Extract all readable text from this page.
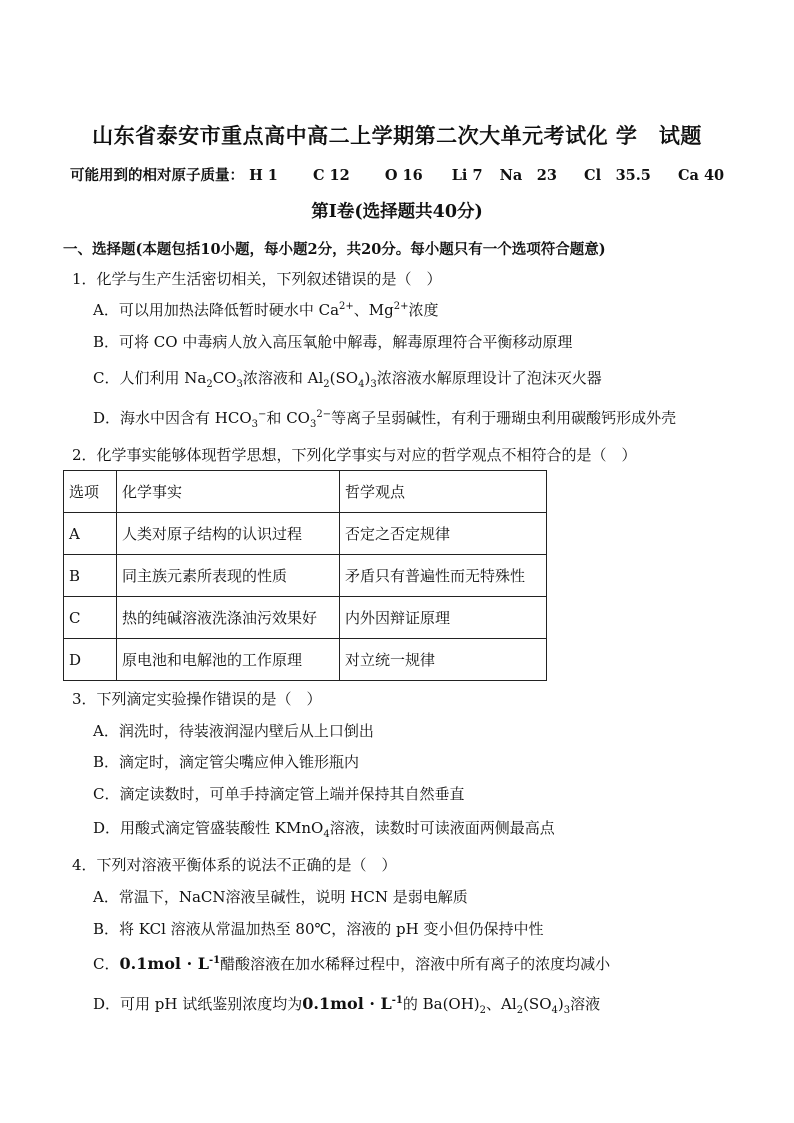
山东省泰安市重点高中高二上学期第二次大单元考试化 学　试题
可能用到的相对原子质量： H 1 C 12 O 16 Li 7 Na　23 Cl　35.5 Ca 40
第Ⅰ卷(选择题共40分)
一、选择题(本题包括10小题，每小题2分，共20分。每小题只有一个选项符合题意)
1．化学与生产生活密切相关，下列叙述错误的是（　）
A．可以用加热法降低暂时硬水中 $Ca^{2+}$、$Mg^{2+}$浓度
B．可将 CO 中毒病人放入高压氧舱中解毒，解毒原理符合平衡移动原理
C．人们利用 $Na_2CO_3$浓溶液和 $Al_2(SO_4)_3$浓溶液水解原理设计了泡沫灭火器
D．海水中因含有 $HCO_3^-$和 $CO_3^{2-}$等离子呈弱碱性，有利于珊瑚虫利用碳酸钙形成外壳
2．化学事实能够体现哲学思想，下列化学事实与对应的哲学观点不相符合的是（　）
选项	化学事实	哲学观点
A	人类对原子结构的认识过程	否定之否定规律
B	同主族元素所表现的性质	矛盾只有普遍性而无特殊性
C	热的纯碱溶液洗涤油污效果好	内外因辩证原理
D	原电池和电解池的工作原理	对立统一规律
3．下列滴定实验操作错误的是（　）
A．润洗时，待装液润湿内壁后从上口倒出
B．滴定时，滴定管尖嘴应伸入锥形瓶内
C．滴定读数时，可单手持滴定管上端并保持其自然垂直
D．用酸式滴定管盛装酸性 KMnO$_4$溶液，读数时可读液面两侧最高点
4．下列对溶液平衡体系的说法不正确的是（　）
A．常温下，NaCN溶液呈碱性，说明 HCN 是弱电解质
B．将 KCl 溶液从常温加热至 80℃，溶液的 pH 变小但仍保持中性
C．$0.1mol \cdot L^{-1}$醋酸溶液在加水稀释过程中，溶液中所有离子的浓度均减小
D．可用 pH 试纸鉴别浓度均为$0.1mol \cdot L^{-1}$的 $Ba(OH)_2$、$Al_2(SO_4)_3$溶液
